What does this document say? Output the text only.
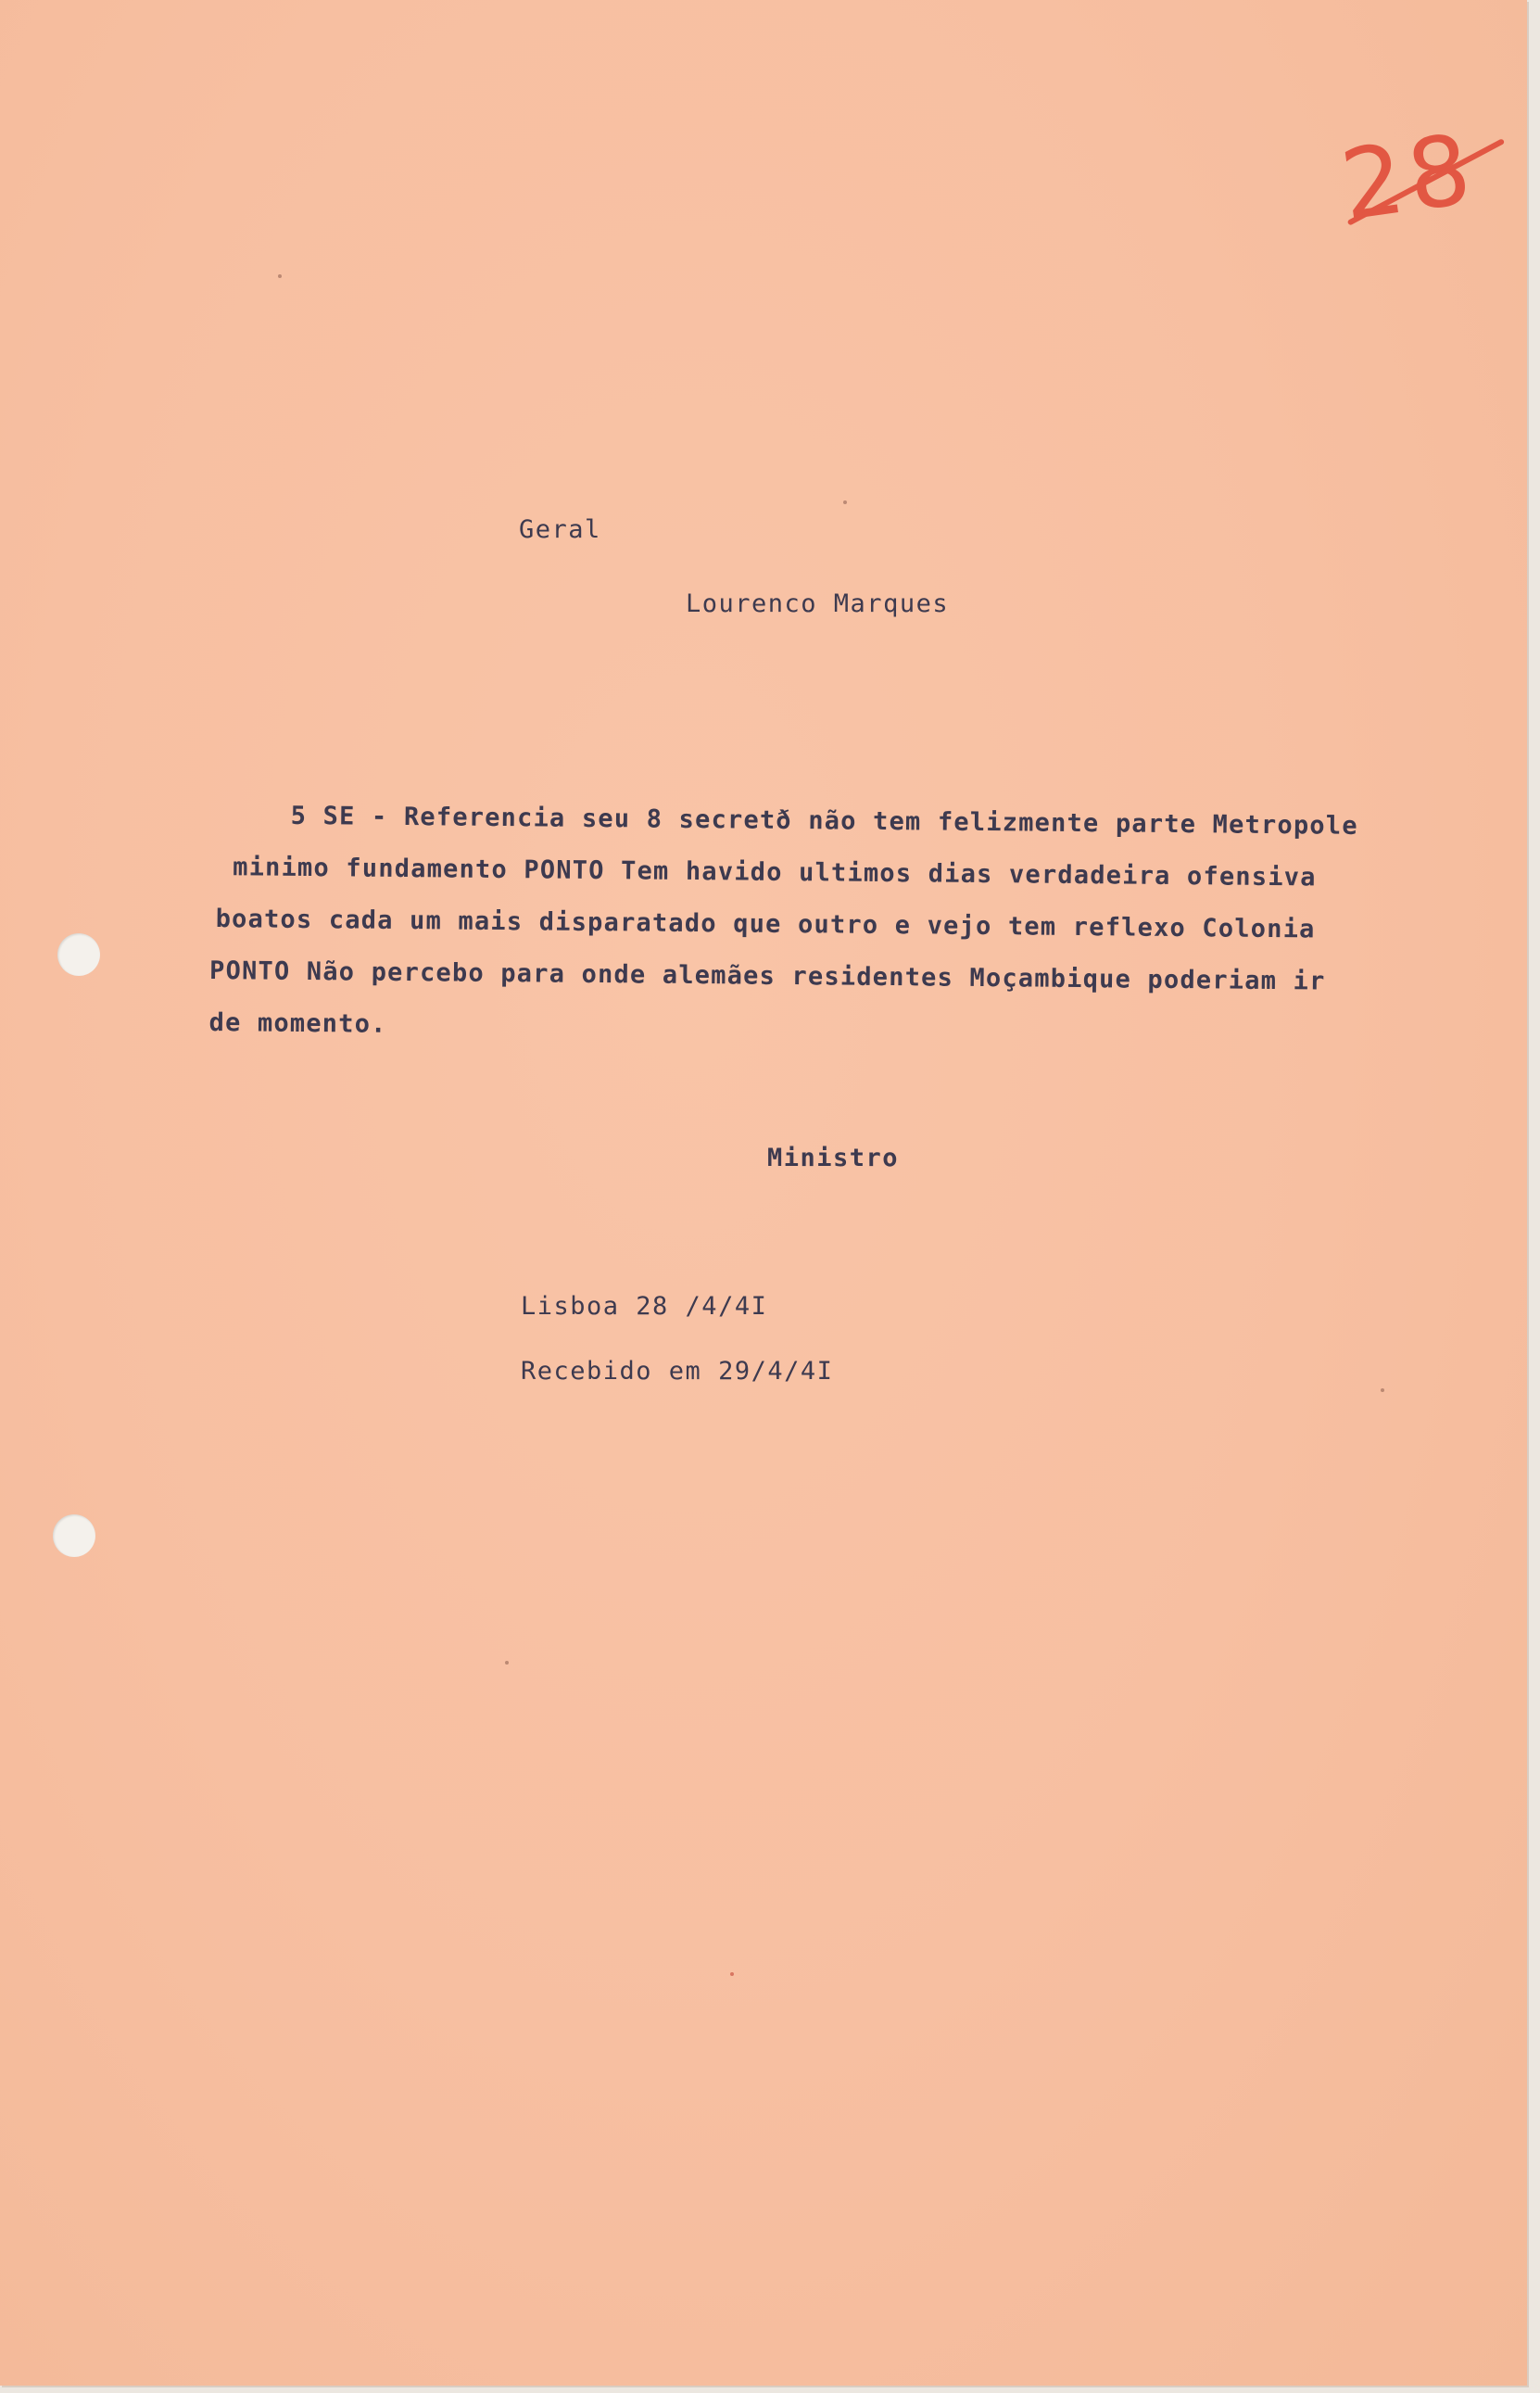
28
Geral
Lourenco Marques
5 SE - Referencia seu 8 secretð não tem felizmente parte Metropole
minimo fundamento PONTO Tem havido ultimos dias verdadeira ofensiva
boatos cada um mais disparatado que outro e vejo tem reflexo Colonia
PONTO Não percebo para onde alemães residentes Moçambique poderiam ir
de momento.
Ministro
Lisboa 28 /4/4I
Recebido em 29/4/4I
